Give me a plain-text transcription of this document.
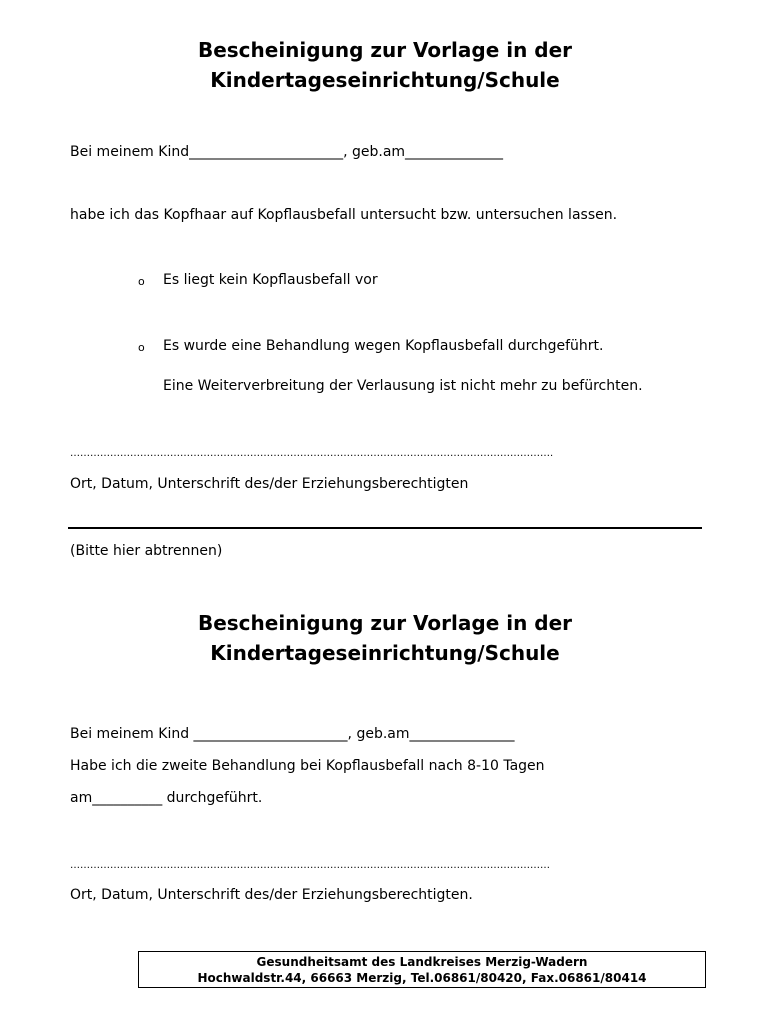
Bescheinigung zur Vorlage in der
Kindertageseinrichtung/Schule
Bei meinem Kind______________________, geb.am______________
habe ich das Kopfhaar auf Kopflausbefall untersucht bzw. untersuchen lassen.
o Es liegt kein Kopflausbefall vor
o Es wurde eine Behandlung wegen Kopflausbefall durchgeführt.
Eine Weiterverbreitung der Verlausung ist nicht mehr zu befürchten.
……………………………………………………………………………………………………………………………….
Ort, Datum, Unterschrift des/der Erziehungsberechtigten
(Bitte hier abtrennen)
Bescheinigung zur Vorlage in der
Kindertageseinrichtung/Schule
Bei meinem Kind ______________________, geb.am_______________
Habe ich die zweite Behandlung bei Kopflausbefall nach 8-10 Tagen
am__________ durchgeführt.
………………………………………………………………………………………………………………………………
Ort, Datum, Unterschrift des/der Erziehungsberechtigten.
Gesundheitsamt des Landkreises Merzig-Wadern
Hochwaldstr.44, 66663 Merzig, Tel.06861/80420, Fax.06861/80414
